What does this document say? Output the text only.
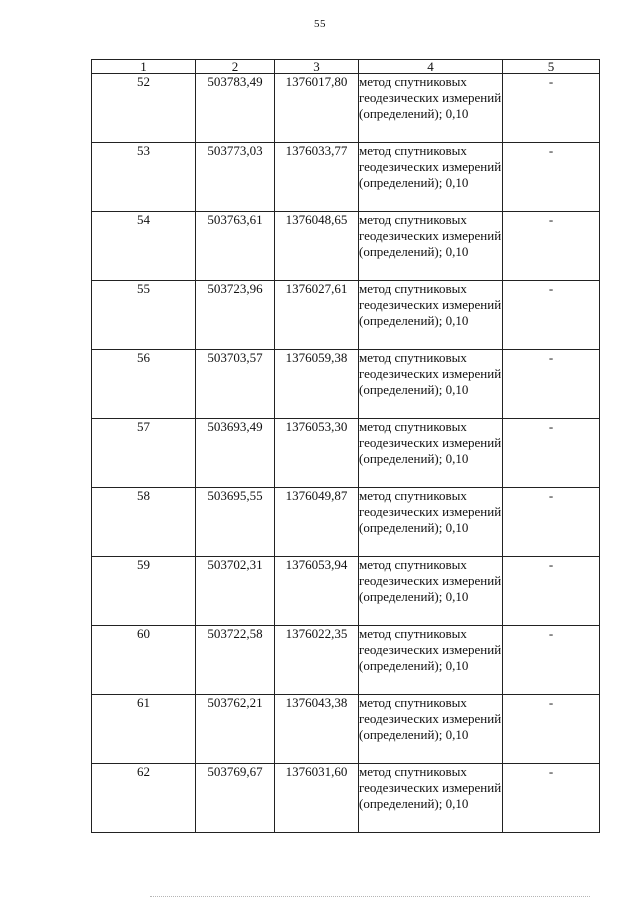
55
1	2	3	4	5
52	503783,49	1376017,80	метод спутниковых геодезических измерений (определений); 0,10	-
53	503773,03	1376033,77	метод спутниковых геодезических измерений (определений); 0,10	-
54	503763,61	1376048,65	метод спутниковых геодезических измерений (определений); 0,10	-
55	503723,96	1376027,61	метод спутниковых геодезических измерений (определений); 0,10	-
56	503703,57	1376059,38	метод спутниковых геодезических измерений (определений); 0,10	-
57	503693,49	1376053,30	метод спутниковых геодезических измерений (определений); 0,10	-
58	503695,55	1376049,87	метод спутниковых геодезических измерений (определений); 0,10	-
59	503702,31	1376053,94	метод спутниковых геодезических измерений (определений); 0,10	-
60	503722,58	1376022,35	метод спутниковых геодезических измерений (определений); 0,10	-
61	503762,21	1376043,38	метод спутниковых геодезических измерений (определений); 0,10	-
62	503769,67	1376031,60	метод спутниковых геодезических измерений (определений); 0,10	-
